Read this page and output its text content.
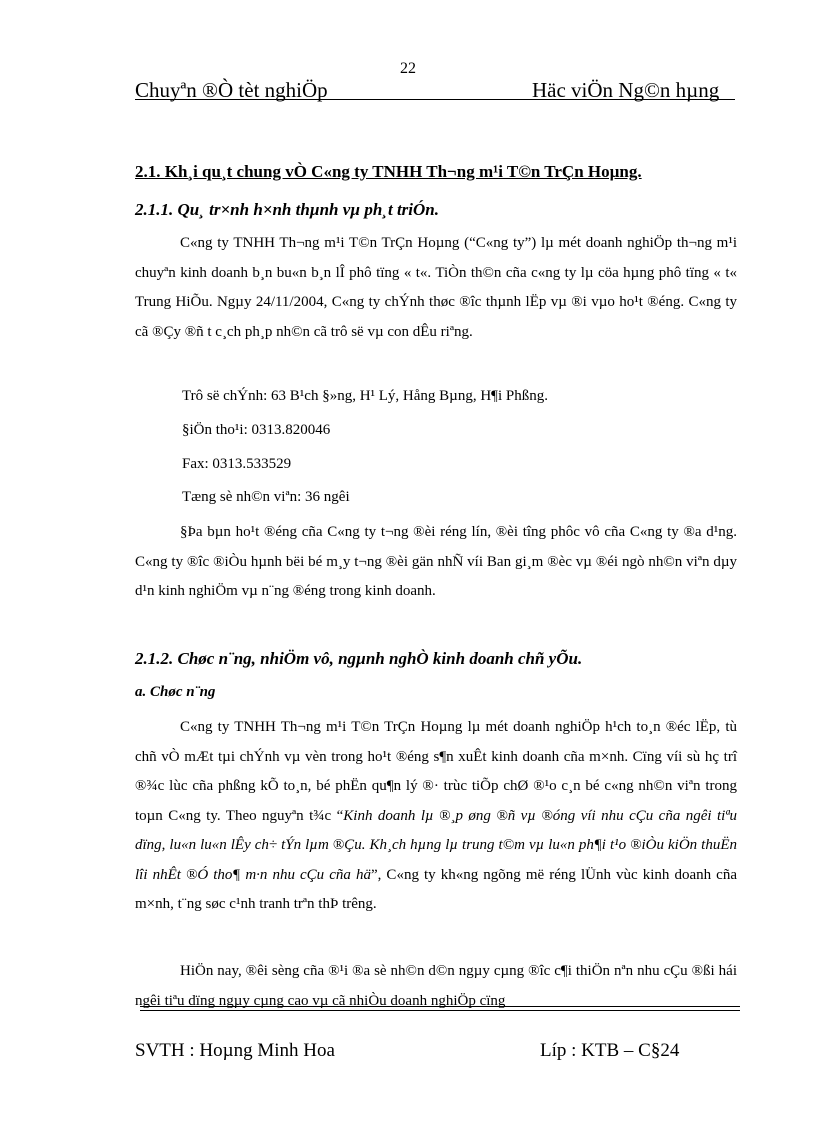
22
Chuyªn ®Ò tèt nghiÖp	Häc viÖn Ng©n hµng
2.1. Kh¸i qu¸t chung vÒ C«ng ty TNHH Th¬ng m¹i T©n TrÇn Hoµng.
2.1.1. Qu¸ tr×nh h×nh thµnh vµ ph¸t triÓn.
C«ng ty TNHH Th¬ng m¹i T©n TrÇn Hoµng (“C«ng ty”) lµ mét doanh nghiÖp th¬ng m¹i chuyªn kinh doanh b¸n bu«n b¸n lÎ phô tïng « t«. TiÒn th©n cña c«ng ty lµ cöa hµng phô tïng « t« Trung HiÕu. Ngµy 24/11/2004, C«ng ty chÝnh thøc ®îc thµnh lËp vµ ®i vµo ho¹t ®éng. C«ng ty cã ®Çy ®ñ t c¸ch ph¸p nh©n cã trô së vµ con dÊu riªng.
Trô së chÝnh: 63 B¹ch §»ng, H¹ Lý, Hång Bµng, H¶i Phßng.
§iÖn tho¹i: 0313.820046
Fax: 0313.533529
Tæng sè nh©n viªn: 36 ngêi
§Þa bµn ho¹t ®éng cña C«ng ty t¬ng ®èi réng lín, ®èi tîng phôc vô cña C«ng ty ®a d¹ng. C«ng ty ®îc ®iÒu hµnh bëi bé m¸y t¬ng ®èi gän nhÑ víi Ban gi¸m ®èc vµ ®éi ngò nh©n viªn dµy d¹n kinh nghiÖm vµ n¨ng ®éng trong kinh doanh.
2.1.2. Chøc n¨ng, nhiÖm vô, ngµnh nghÒ kinh doanh chñ yÕu.
a. Chøc n¨ng
C«ng ty TNHH Th¬ng m¹i T©n TrÇn Hoµng lµ mét doanh nghiÖp h¹ch to¸n ®éc lËp, tù chñ vÒ mÆt tµi chÝnh vµ vèn trong ho¹t ®éng s¶n xuÊt kinh doanh cña m×nh. Cïng víi sù hç trî ®¾c lùc cña phßng kÕ to¸n, bé phËn qu¶n lý ®· trùc tiÕp chØ ®¹o c¸n bé c«ng nh©n viªn trong toµn C«ng ty. Theo nguyªn t¾c “Kinh doanh lµ ®¸p øng ®ñ vµ ®óng víi nhu cÇu cña ngêi tiªu dïng, lu«n lu«n lÊy ch÷ tÝn lµm ®Çu. Kh¸ch hµng lµ trung t©m vµ lu«n ph¶i t¹o ®iÒu kiÖn thuËn lîi nhÊt ®Ó tho¶ m·n nhu cÇu cña hä”, C«ng ty kh«ng ngõng më réng lÜnh vùc kinh doanh cña m×nh, t¨ng søc c¹nh tranh trªn thÞ trêng.
HiÖn nay, ®êi sèng cña ®¹i ®a sè nh©n d©n ngµy cµng ®îc c¶i thiÖn nªn nhu cÇu ®ßi hái ngêi tiªu dïng ngµy cµng cao vµ cã nhiÒu doanh nghiÖp cïng
SVTH : Hoµng Minh Hoa	Líp : KTB – C§24
